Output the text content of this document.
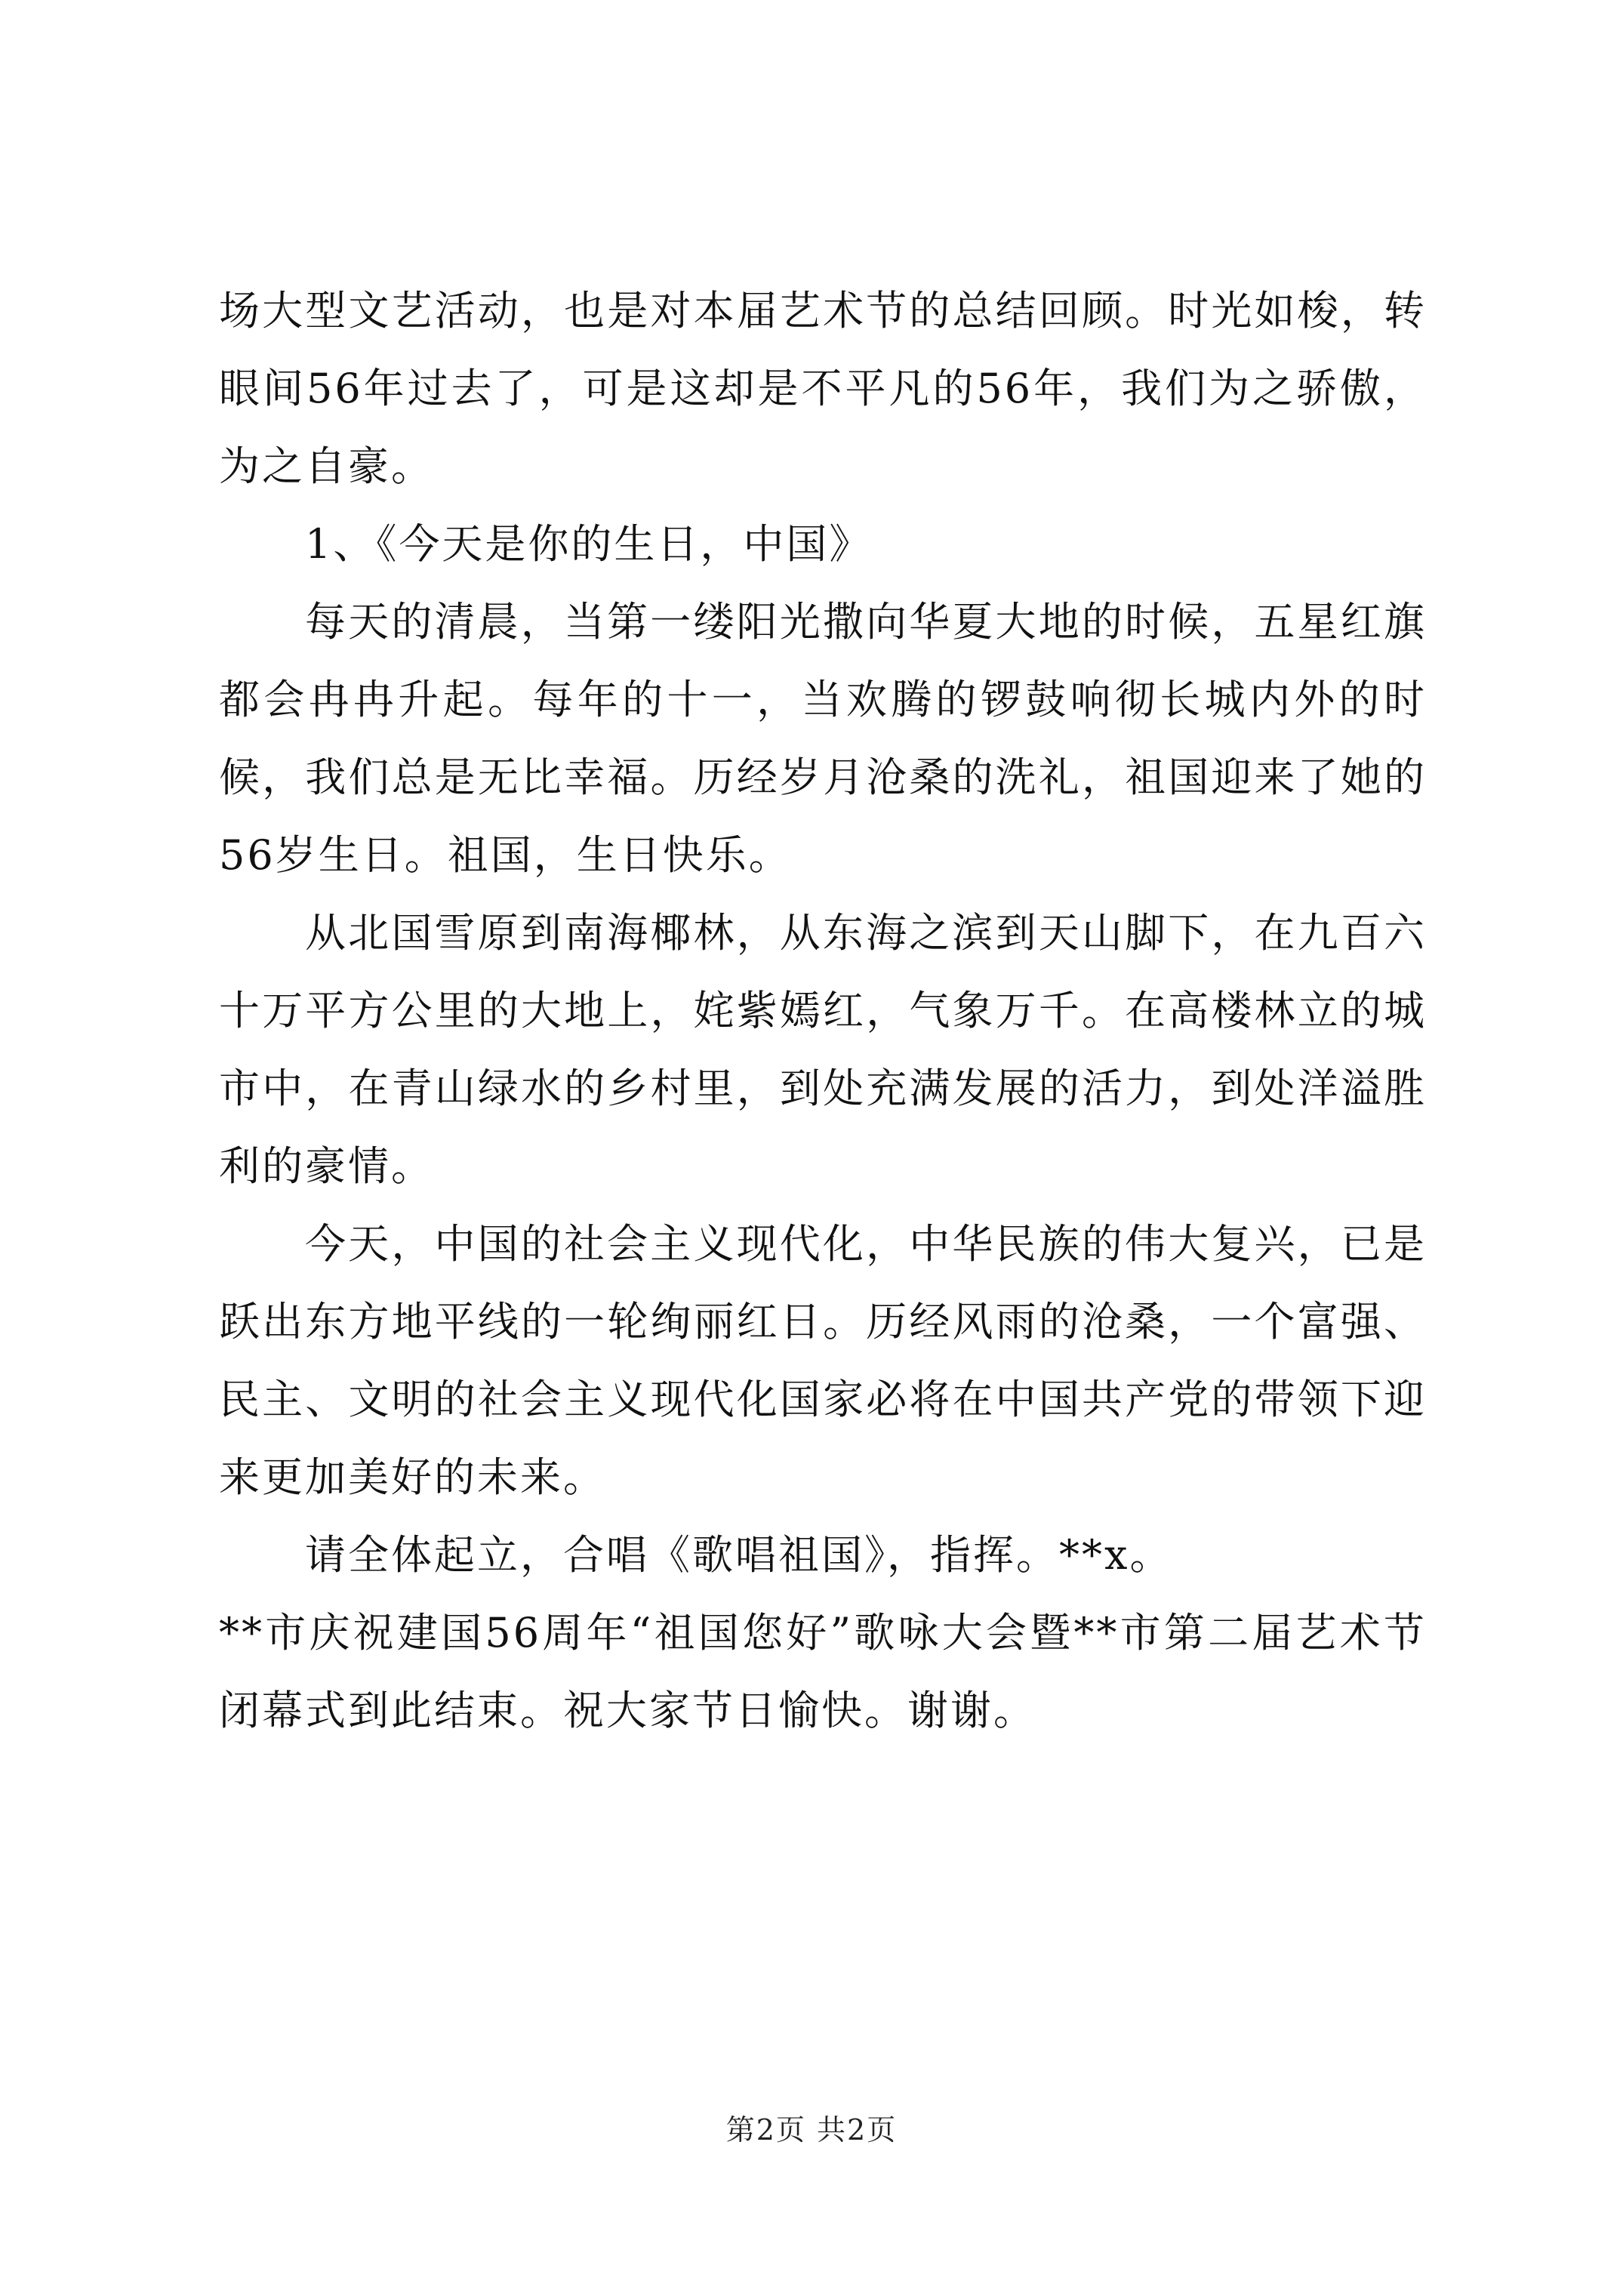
场大型文艺活动，也是对本届艺术节的总结回顾。时光如梭，转眼间56年过去了，可是这却是不平凡的56年，我们为之骄傲，为之自豪。

1、《今天是你的生日，中国》

每天的清晨，当第一缕阳光撒向华夏大地的时候，五星红旗都会冉冉升起。每年的十一，当欢腾的锣鼓响彻长城内外的时候，我们总是无比幸福。历经岁月沧桑的洗礼，祖国迎来了她的56岁生日。祖国，生日快乐。

从北国雪原到南海椰林，从东海之滨到天山脚下，在九百六十万平方公里的大地上，姹紫嫣红，气象万千。在高楼林立的城市中，在青山绿水的乡村里，到处充满发展的活力，到处洋溢胜利的豪情。

今天，中国的社会主义现代化，中华民族的伟大复兴，已是跃出东方地平线的一轮绚丽红日。历经风雨的沧桑，一个富强、民主、文明的社会主义现代化国家必将在中国共产党的带领下迎来更加美好的未来。

请全体起立，合唱《歌唱祖国》，指挥。**x。

**市庆祝建国56周年“祖国您好”歌咏大会暨**市第二届艺术节闭幕式到此结束。祝大家节日愉快。谢谢。

第2页 共2页
